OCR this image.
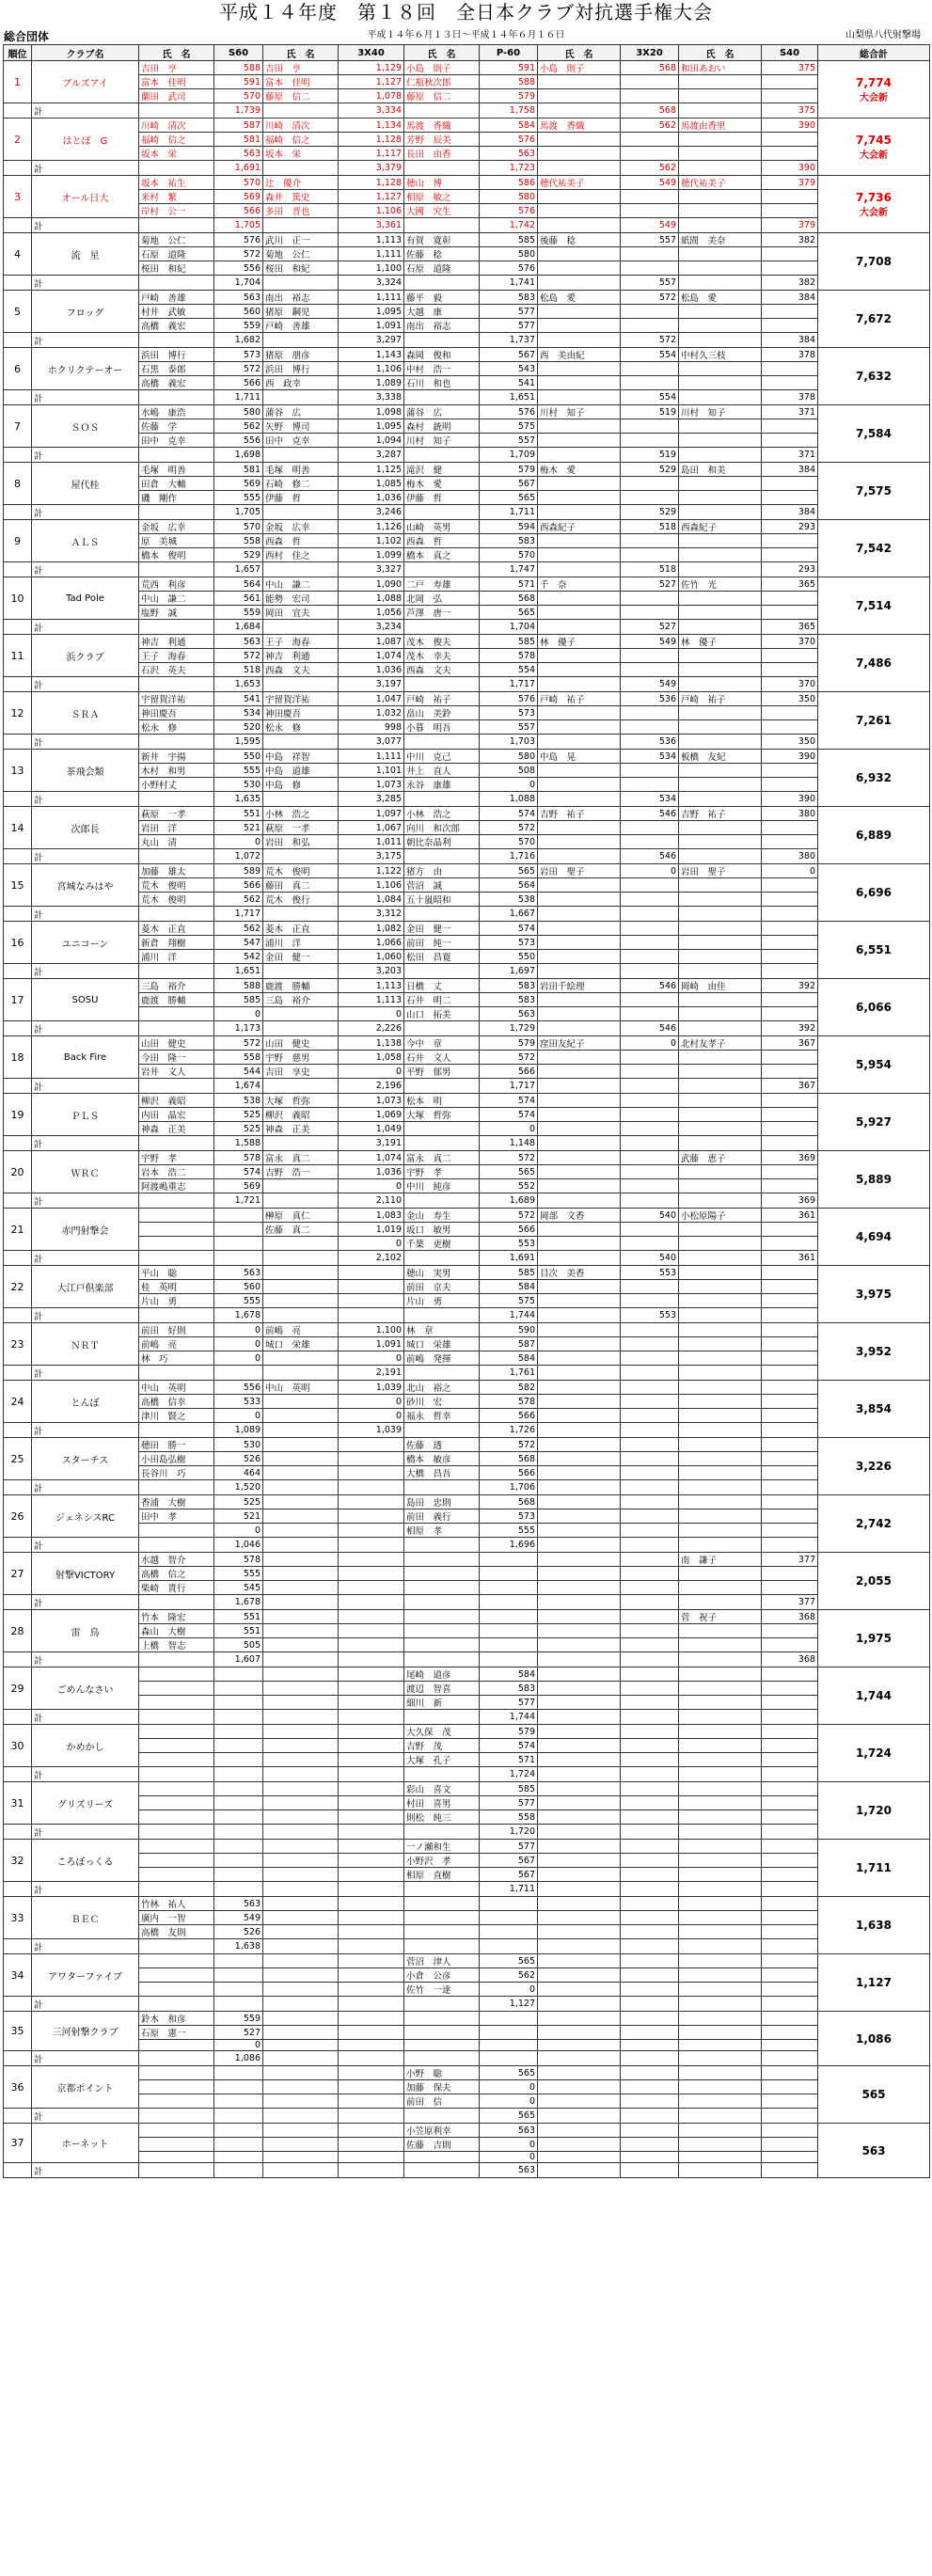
平成１４年度　第１８回　全日本クラブ対抗選手権大会
総合団体	平成１４年６月１３日～平成１４年６月１６日	山梨県八代射撃場
順位	クラブ名	氏　名	S60	氏　名	3X40	氏　名	P-60	氏　名	3X20	氏　名	S40	総合計
1	ブルズアイ	吉田　亨	588	吉田　亨	1,129	小島　則子	591	小島　則子	568	和田あおい	375	7,774
大会新

		富本　佳明	591	富本　佳明	1,127	仁瓶秋次郎	588					
		蘭田　武司	570	藤原　信二	1,078	藤原　信二	579					
	計		1,739		3,334		1,758		568		375	
2	はとぽ　G	川崎　清次	587	川崎　清次	1,134	馬渡　香織	584	馬渡　香織	562	馬渡由香里	390	7,745
大会新

		福崎　信之	581	福崎　信之	1,128	芳野　辰美	576					
		坂本　栄	563	坂本　栄	1,117	長田　由香	563					
	計		1,691		3,379		1,723		562		390	
3	オール日大	坂本　祐生	570	辻　優介	1,128	穂山　博	586	穂代祐美子	549	穂代祐美子	379	7,736
大会新

		米村　繁	569	森井　篤史	1,127	相原　敏之	580					
		岸村　公一	566	多田　晋也	1,106	大國　究生	576					
	計		1,705		3,361		1,742		549		379	
4	流　星	菊地　公仁	576	武川　正一	1,113	有賀　寛彰	585	後藤　稔	557	紙間　美奈	382	7,708
		石原　道隆	572	菊地　公仁	1,111	佐藤　稔	580					
		桜田　和紀	556	桜田　和紀	1,100	石原　道隆	576					
	計		1,704		3,324		1,741		557		382	
5	フロッグ	戸崎　善雄	563	南出　裕志	1,111	藤平　毅	583	松島　愛	572	松島　愛	384	7,672
		村井　武敏	560	猪原　鋼児	1,095	大越　康	577					
		高橋　義宏	559	戸崎　善雄	1,091	南出　裕志	577					
	計		1,682		3,297		1,737		572		384	
6	ホクリクテーオー	浜田　博行	573	猪原　朋彦	1,143	森岡　俊和	567	西　美由紀	554	中村久三枝	378	7,632
		石黒　泰郎	572	浜田　博行	1,106	中村　浩一	543					
		高橋　義宏	566	西　政幸	1,089	石川　和也	541					
	計		1,711		3,338		1,651		554		378	
7	ＳＯＳ	水嶋　康浩	580	蒲谷　広	1,098	蒲谷　広	576	川村　知子	519	川村　知子	371	7,584
		佐藤　学	562	矢野　博司	1,095	森村　銃明	575					
		田中　克幸	556	田中　克幸	1,094	川村　知子	557					
	計		1,698		3,287		1,709		519		371	
8	屋代桂	毛塚　明善	581	毛塚　明善	1,125	滝沢　健	579	梅木　愛	529	島田　和美	384	7,575
		田倉　大輔	569	石崎　修二	1,085	梅木　愛	567					
		磯　剛作	555	伊藤　哲	1,036	伊藤　哲	565					
	計		1,705		3,246		1,711		529		384	
9	ＡＬＳ	金坂　広幸	570	金坂　広幸	1,126	山崎　英男	594	西森紀子	518	西森紀子	293	7,542
		原　美城	558	西森　哲	1,102	西森　哲	583					
		橋本　俊明	529	西村　佳之	1,099	橋本　真之	570					
	計		1,657		3,327		1,747		518		293	
10	Tad Pole	荒西　利彦	564	中山　謙二	1,090	二戸　寿雄	571	千　奈	527	佐竹　光	365	7,514
		中山　謙二	561	能勢　宏司	1,088	北岡　弘	568					
		塩野　誠	559	岡田　宜夫	1,056	芦澤　唐一	565					
	計		1,684		3,234		1,704		527		365	
11	浜クラブ	神吉　利通	563	王子　海春	1,087	茂木　俊夫	585	林　優子	549	林　優子	370	7,486
		王子　海春	572	神吉　利通	1,074	茂木　幸夫	578					
		石沢　英夫	518	西森　文夫	1,036	西森　文夫	554					
	計		1,653		3,197		1,717		549		370	
12	ＳＲＡ	宇留賀洋祐	541	宇留賀洋祐	1,047	戸崎　祐子	576	戸崎　祐子	536	戸崎　祐子	350	7,261
		神田慶吾	534	神田慶吾	1,032	畠山　美鈴	573					
		松永　修	520	松永　修	998	小暮　明吾	557					
	計		1,595		3,077		1,703		536		350	
13	茶飛会類	新井　宇揚	550	中島　祥智	1,111	中川　克己	580	中島　晃	534	板橋　友紀	390	6,932
		木村　和男	555	中島　道雄	1,101	井上　直人	508					
		小野村丈	530	中島　修	1,073	永谷　康雄	0					
	計		1,635		3,285		1,088		534		390	
14	次郎長	萩原　一孝	551	小林　浩之	1,097	小林　浩之	574	吉野　祐子	546	吉野　祐子	380	6,889
		岩田　洋	521	萩原　一孝	1,067	向川　和次郎	572					
		丸山　清	0	岩田　和弘	1,011	朝比奈晶利	570					
	計		1,072		3,175		1,716		546		380	
15	宮城なみはや	加藤　雄太	589	荒木　俊明	1,122	猪方　由	565	岩田　聖子	0	岩田　聖子	0	6,696
		荒木　俊明	566	藤田　真二	1,106	菅沼　誠	564					
		荒木　俊明	562	荒木　俊行	1,084	五十嵐昭和	538					
	計		1,717		3,312		1,667					
16	ユニコーン	菱木　正直	562	菱木　正直	1,082	金田　健一	574					6,551
		新倉　翔樹	547	浦川　洋	1,066	前田　純一	573					
		浦川　洋	542	金田　健一	1,060	松田　昌寛	550					
	計		1,651		3,203		1,697					
17	SOSU	三島　裕介	588	鹿渡　勝輔	1,113	日橋　丈	583	岩田千絵理	546	岡崎　由佳	392	6,066
		鹿渡　勝輔	585	三島　裕介	1,113	石井　明二	583					
			0		0	山口　拓美	563					
	計		1,173		2,226		1,729		546		392	
18	Back Fire	山田　健史	572	山田　健史	1,138	今中　章	579	窪田友紀子	0	北村友孝子	367	5,954
		今田　隆一	558	宇野　慈男	1,058	石井　文人	572					
		岩井　文人	544	吉田　享史	0	平野　郁男	566					
	計		1,674		2,196		1,717				367	
19	ＰＬＳ	柳沢　義昭	538	大塚　哲弥	1,073	松本　明	574					5,927
		内田　晶宏	525	柳沢　義昭	1,069	大塚　哲弥	574					
		神森　正美	525	神森　正美	1,049		0					
	計		1,588		3,191		1,148					
20	ＷＲＣ	宇野　孝	578	富永　真二	1,074	富永　真二	572			武藤　恵子	369	5,889
		岩本　浩二	574	吉野　浩一	1,036	宇野　孝	565					
		阿渡嶋重志	569		0	中川　純彦	552					
	計		1,721		2,110		1,689				369	
21	赤門射撃会			榊原　真仁	1,083	金山　寿生	572	岡部　文香	540	小松原陽子	361	4,694
				佐藤　真二	1,019	坂口　敏男	566					
					0	千葉　更樹	553					
	計				2,102		1,691		540		361	
22	大江戸倶楽部	平山　聡	563			穂山　実男	585	目次　美香	553			3,975
		桂　英明	560			前田　京夫	584					
		片山　勇	555			片山　勇	575					
	計		1,678				1,744		553			
23	ＮＲＴ	前田　好則	0	前嶋　亮	1,100	林　章	590					3,952
		前嶋　亮	0	城口　栄雄	1,091	城口　栄雄	587					
		林　巧	0		0	前嶋　発揮	584					
	計				2,191		1,761					
24	とんぼ	中山　英明	556	中山　英明	1,039	北山　裕之	582					3,854
		高橋　信幸	533		0	砂川　宏	578					
		津川　賢之	0		0	福永　哲幸	566					
	計		1,089		1,039		1,726					
25	スターチス	穂田　勝一	530			佐藤　透	572					3,226
		小田島弘樹	526			橋本　敏彦	568					
		長谷川　巧	464			大橋　昌吾	566					
	計		1,520				1,706					
26	ジェネシスRC	香浦　大樹	525			島田　忠則	568					2,742
		田中　孝	521			前田　義行	573					
			0			相原　孝	555					
	計		1,046				1,696					
27	射撃VICTORY	水越　智介	578							南　謙子	377	2,055
		高橋　信之	555									
		柴崎　貴行	545									
	計		1,678								377	
28	雷　鳥	竹本　隆宏	551							菅　祝子	368	1,975
		森山　大樹	551									
		上橋　智志	505									
	計		1,607								368	
29	ごめんなさい					尾崎　道彦	584					1,744
						渡辺　智喜	583					
						細川　新	577					
	計						1,744					
30	かめかし					大久保　茂	579					1,724
						吉野　茂	574					
						大塚　孔子	571					
	計						1,724					
31	グリズリーズ					彩山　喜文	585					1,720
						村田　喜男	577					
						則松　純三	558					
	計						1,720					
32	ころぼっくる					一ノ瀬和生	577					1,711
						小野沢　孝	567					
						相原　直樹	567					
	計						1,711					
33	ＢＥＣ	竹林　祐人	563									1,638
		廣内　一智	549									
		高橋　友則	526									
	計		1,638									
34	アワターファイブ					菅沼　津人	565					1,127
						小倉　公彦	562					
						佐竹　一達	0					
	計						1,127					
35	三河射撃クラブ	鈴木　和彦	559									1,086
		石原　憲一	527									
			0									
	計		1,086									
36	京都ポイント					小野　聡	565					565
						加藤　保夫	0					
						前田　信	0					
	計						565					
37	ホーネット					小笠原利幸	563					563
						佐藤　吉則	0					
							0					
	計						563					
